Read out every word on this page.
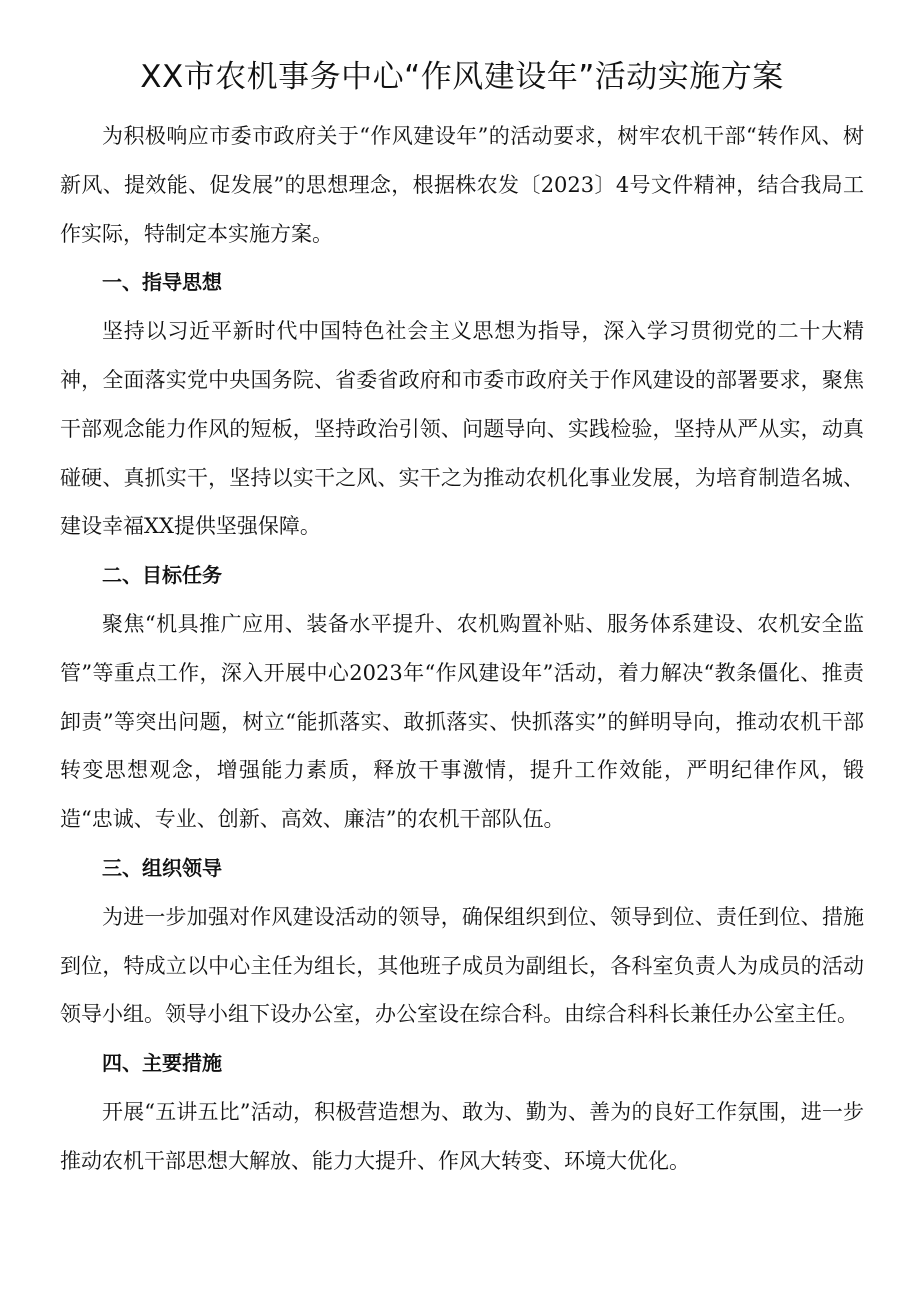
XX市农机事务中心“作风建设年”活动实施方案

为积极响应市委市政府关于“作风建设年”的活动要求，树牢农机干部“转作风、树新风、提效能、促发展”的思想理念，根据株农发〔2023〕4号文件精神，结合我局工作实际，特制定本实施方案。

一、指导思想

坚持以习近平新时代中国特色社会主义思想为指导，深入学习贯彻党的二十大精神，全面落实党中央国务院、省委省政府和市委市政府关于作风建设的部署要求，聚焦干部观念能力作风的短板，坚持政治引领、问题导向、实践检验，坚持从严从实，动真碰硬、真抓实干，坚持以实干之风、实干之为推动农机化事业发展，为培育制造名城、建设幸福XX提供坚强保障。

二、目标任务

聚焦“机具推广应用、装备水平提升、农机购置补贴、服务体系建设、农机安全监管”等重点工作，深入开展中心2023年“作风建设年”活动，着力解决“教条僵化、推责卸责”等突出问题，树立“能抓落实、敢抓落实、快抓落实”的鲜明导向，推动农机干部转变思想观念，增强能力素质，释放干事激情，提升工作效能，严明纪律作风，锻造“忠诚、专业、创新、高效、廉洁”的农机干部队伍。

三、组织领导

为进一步加强对作风建设活动的领导，确保组织到位、领导到位、责任到位、措施到位，特成立以中心主任为组长，其他班子成员为副组长，各科室负责人为成员的活动领导小组。领导小组下设办公室，办公室设在综合科。由综合科科长兼任办公室主任。

四、主要措施

开展“五讲五比”活动，积极营造想为、敢为、勤为、善为的良好工作氛围，进一步推动农机干部思想大解放、能力大提升、作风大转变、环境大优化。
